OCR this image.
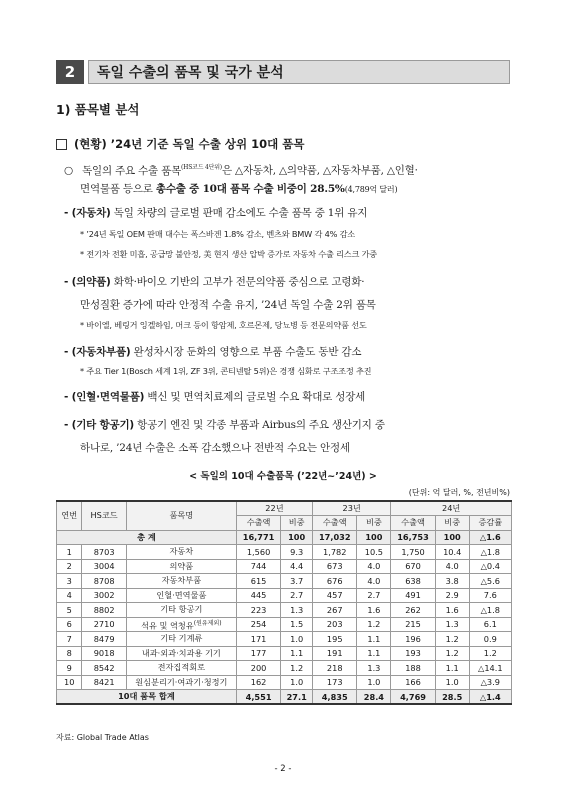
2	독일 수출의 품목 및 국가 분석
1) 품목별 분석
(현황) ’24년 기준 독일 수출 상위 10대 품목
○ 독일의 주요 수출 품목$^{(HS코드 4단위)}$은 △자동차, △의약품, △자동차부품, △인혈·
면역물품 등으로 총수출 중 10대 품목 수출 비중이 28.5%(4,789억 달러)
- (자동차) 독일 차량의 글로벌 판매 감소에도 수출 품목 중 1위 유지
* ’24년 독일 OEM 판매 대수는 폭스바겐 1.8% 감소, 벤츠와 BMW 각 4% 감소
* 전기차 전환 미흡, 공급망 불안정, 美 현지 생산 압박 증가로 자동차 수출 리스크 가중
- (의약품) 화학·바이오 기반의 고부가 전문의약품 중심으로 고령화·
만성질환 증가에 따라 안정적 수출 유지, ’24년 독일 수출 2위 품목
* 바이엘, 베링거 잉겔하임, 머크 등이 항암제, 호르몬제, 당뇨병 등 전문의약품 선도
- (자동차부품) 완성차시장 둔화의 영향으로 부품 수출도 동반 감소
* 주요 Tier 1(Bosch 세계 1위, ZF 3위, 콘티넨탈 5위)은 경쟁 심화로 구조조정 추진
- (인혈·면역물품) 백신 및 면역치료제의 글로벌 수요 확대로 성장세
- (기타 항공기) 항공기 엔진 및 각종 부품과 Airbus의 주요 생산기지 중
하나로, ’24년 수출은 소폭 감소했으나 전반적 수요는 안정세
< 독일의 10대 수출품목 (’22년~’24년) >
(단위: 억 달러, %, 전년비%)
연번	HS코드	품목명	22년		23년		24년		
			수출액	비중	수출액	비중	수출액	비중	증감률
총 계			16,771	100	17,032	100	16,753	100	△1.6
1	8703	자동차	1,560	9.3	1,782	10.5	1,750	10.4	△1.8
2	3004	의약품	744	4.4	673	4.0	670	4.0	△0.4
3	8708	자동차부품	615	3.7	676	4.0	638	3.8	△5.6
4	3002	인혈·면역물품	445	2.7	457	2.7	491	2.9	7.6
5	8802	기타 항공기	223	1.3	267	1.6	262	1.6	△1.8
6	2710	석유 및 역청유$^{(원유제외)}$	254	1.5	203	1.2	215	1.3	6.1
7	8479	기타 기계류	171	1.0	195	1.1	196	1.2	0.9
8	9018	내과·외과·치과용 기기	177	1.1	191	1.1	193	1.2	1.2
9	8542	전자집적회로	200	1.2	218	1.3	188	1.1	△14.1
10	8421	원심분리기·여과기·청정기	162	1.0	173	1.0	166	1.0	△3.9
10대 품목 합계			4,551	27.1	4,835	28.4	4,769	28.5	△1.4
자료: Global Trade Atlas
- 2 -
